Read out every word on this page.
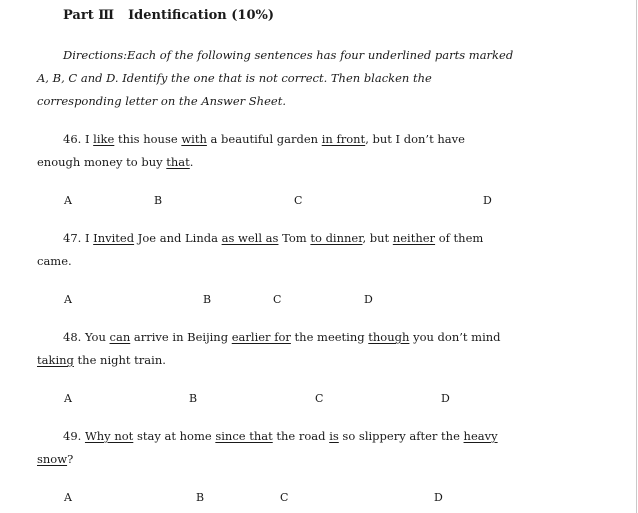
Part Ⅲ Identification (10%)
Directions:Each of the following sentences has four underlined parts marked
A, B, C and D. Identify the one that is not correct. Then blacken the
corresponding letter on the Answer Sheet.
46. I like this house with a beautiful garden in front, but I don’t have
enough money to buy that.
A	B	C	D
47. I Invited Joe and Linda as well as Tom to dinner, but neither of them
came.
A	B	C	D
48. You can arrive in Beijing earlier for the meeting though you don’t mind
taking the night train.
A	B	C	D
49. Why not stay at home since that the road is so slippery after the heavy
snow?
A	B	C	D
